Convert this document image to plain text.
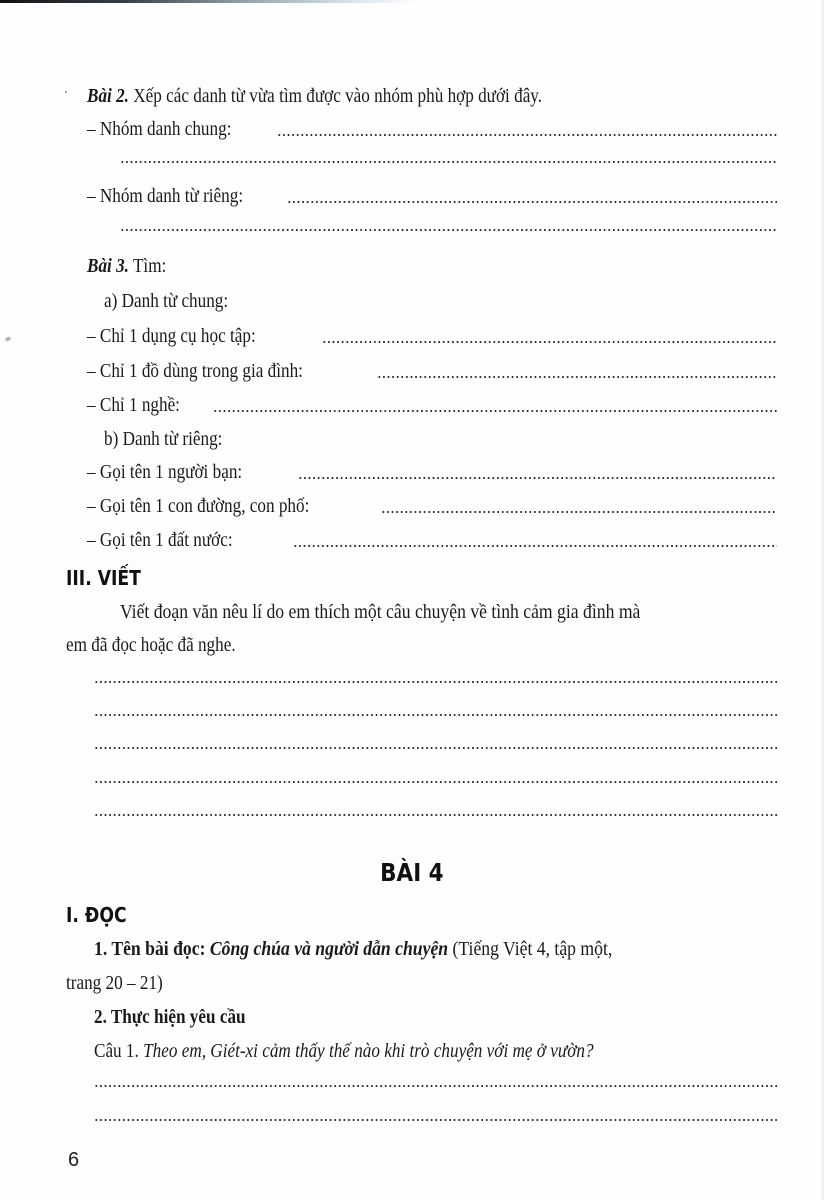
Bài 2. Xếp các danh từ vừa tìm được vào nhóm phù hợp dưới đây.
– Nhóm danh chung:
– Nhóm danh từ riêng:
Bài 3. Tìm:
a) Danh từ chung:
– Chỉ 1 dụng cụ học tập:
– Chỉ 1 đồ dùng trong gia đình:
– Chỉ 1 nghề:
b) Danh từ riêng:
– Gọi tên 1 người bạn:
– Gọi tên 1 con đường, con phố:
– Gọi tên 1 đất nước:
III. VIẾT
Viết đoạn văn nêu lí do em thích một câu chuyện về tình cảm gia đình mà
em đã đọc hoặc đã nghe.
BÀI 4
I. ĐỌC
1. Tên bài đọc: Công chúa và người dẫn chuyện (Tiếng Việt 4, tập một,
trang 20 – 21)
2. Thực hiện yêu cầu
Câu 1. Theo em, Giét-xi cảm thấy thế nào khi trò chuyện với mẹ ở vườn?
6
